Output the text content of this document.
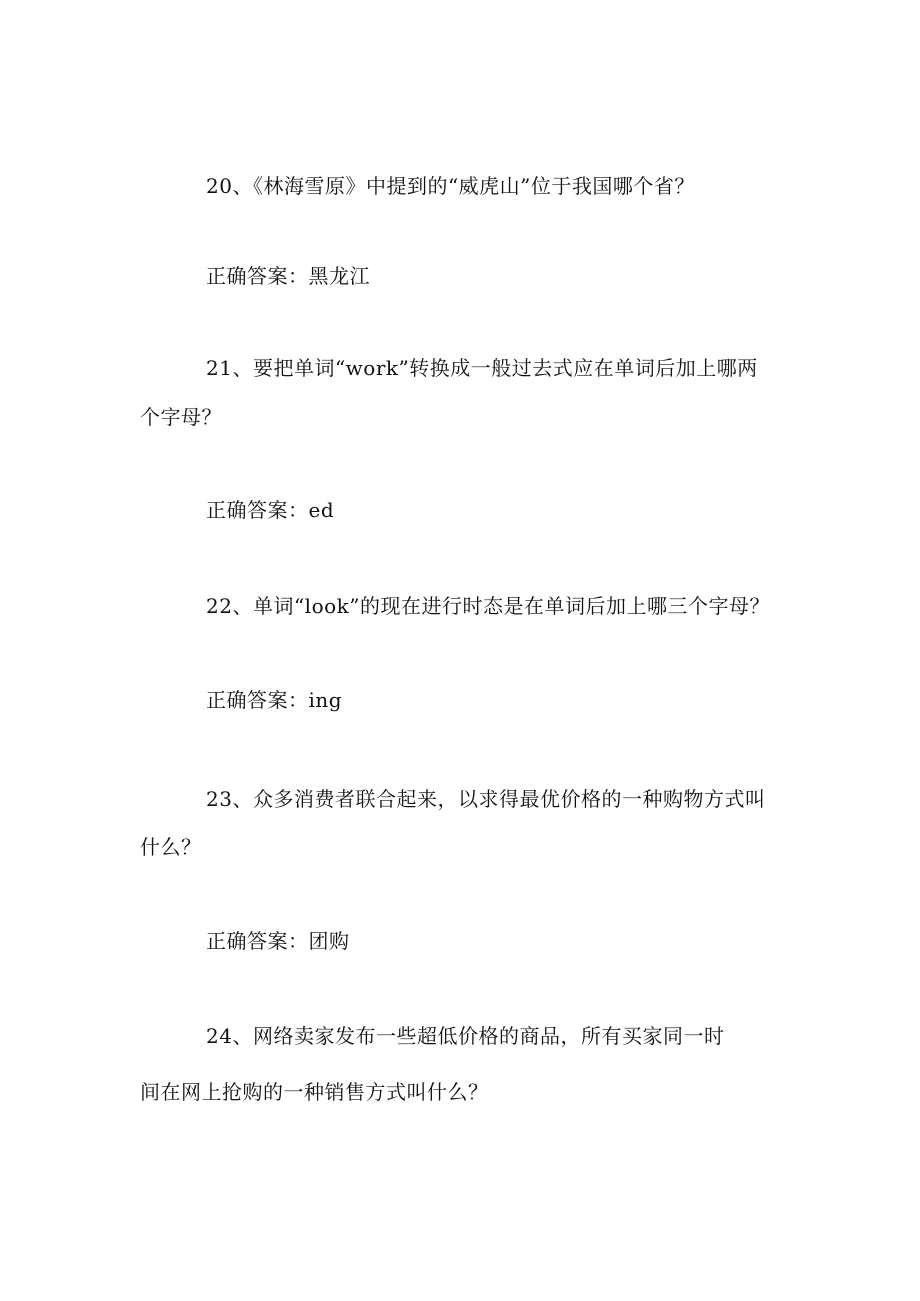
20、《林海雪原》中提到的“威虎山”位于我国哪个省？
正确答案：黑龙江
21、要把单词“work”转换成一般过去式应在单词后加上哪两
个字母？
正确答案：ed
22、单词“look”的现在进行时态是在单词后加上哪三个字母？
正确答案：ing
23、众多消费者联合起来，以求得最优价格的一种购物方式叫
什么？
正确答案：团购
24、网络卖家发布一些超低价格的商品，所有买家同一时
间在网上抢购的一种销售方式叫什么？
